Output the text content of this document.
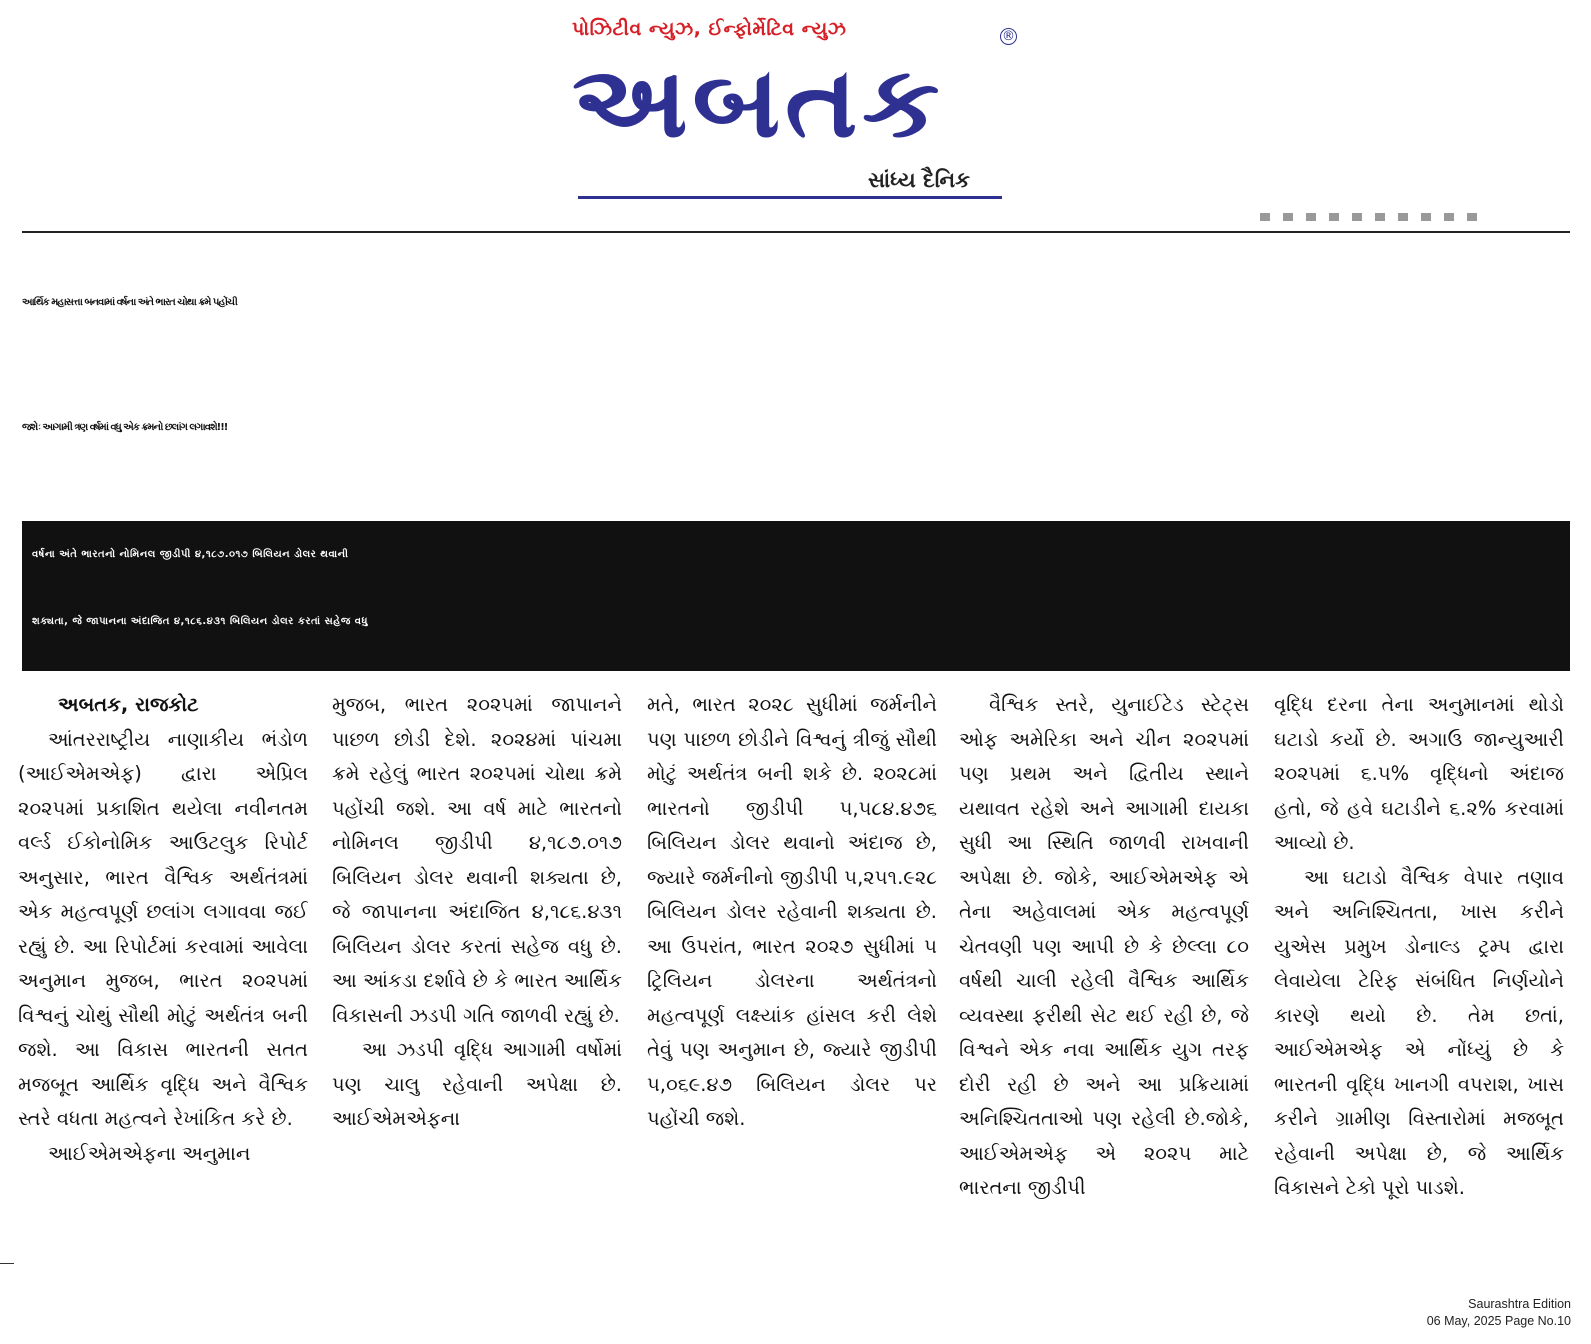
પોઝિટીવ ન્યુઝ, ઈન્ફોર્મેટિવ ન્યુઝ
અબતક
®
સાંધ્ય દૈનિક
આર્થિક મહાસત્તા બનવામાં વર્ષના અંતે ભારત ચોથા ક્રમે પહોંચી
જશેઃ આગામી ત્રણ વર્ષમાં વધુ એક ક્રમનો છલાંગ લગાવશે!!!
વર્ષના અંતે ભારતનો નોમિનલ જીડીપી ૪,૧૮૭.૦૧૭ બિલિયન ડોલર થવાની
શક્યતા, જે જાપાનના અંદાજિત ૪,૧૮૬.૪૩૧ બિલિયન ડોલર કરતાં સહેજ વધુ

અબતક, રાજકોટ

આંતરરાષ્ટ્રીય નાણાકીય ભંડોળ (આઈએમએફ) દ્વારા એપ્રિલ ૨૦૨૫માં પ્રકાશિત થયેલા નવીનતમ વર્લ્ડ ઈકોનોમિક આઉટલુક રિપોર્ટ અનુસાર, ભારત વૈશ્વિક અર્થતંત્રમાં એક મહત્વપૂર્ણ છલાંગ લગાવવા જઈ રહ્યું છે. આ રિપોર્ટમાં કરવામાં આવેલા અનુમાન મુજબ, ભારત ૨૦૨૫માં વિશ્વનું ચોથું સૌથી મોટું અર્થતંત્ર બની જશે. આ વિકાસ ભારતની સતત મજબૂત આર્થિક વૃદ્ધિ અને વૈશ્વિક સ્તરે વધતા મહત્વને રેખાંકિત કરે છે.

આઈએમએફના અનુમાન

મુજબ, ભારત ૨૦૨૫માં જાપાનને પાછળ છોડી દેશે. ૨૦૨૪માં પાંચમા ક્રમે રહેલું ભારત ૨૦૨૫માં ચોથા ક્રમે પહોંચી જશે. આ વર્ષ માટે ભારતનો નોમિનલ જીડીપી ૪,૧૮૭.૦૧૭ બિલિયન ડોલર થવાની શક્યતા છે, જે જાપાનના અંદાજિત ૪,૧૮૬.૪૩૧ બિલિયન ડોલર કરતાં સહેજ વધુ છે. આ આંકડા દર્શાવે છે કે ભારત આર્થિક વિકાસની ઝડપી ગતિ જાળવી રહ્યું છે.

આ ઝડપી વૃદ્ધિ આગામી વર્ષોમાં પણ ચાલુ રહેવાની અપેક્ષા છે. આઈએમએફના

મતે, ભારત ૨૦૨૮ સુધીમાં જર્મનીને પણ પાછળ છોડીને વિશ્વનું ત્રીજું સૌથી મોટું અર્થતંત્ર બની શકે છે. ૨૦૨૮માં ભારતનો જીડીપી ૫,૫૮૪.૪૭૬ બિલિયન ડોલર થવાનો અંદાજ છે, જ્યારે જર્મનીનો જીડીપી ૫,૨૫૧.૯૨૮ બિલિયન ડોલર રહેવાની શક્યતા છે. આ ઉપરાંત, ભારત ૨૦૨૭ સુધીમાં ૫ ટ્રિલિયન ડોલરના અર્થતંત્રનો મહત્વપૂર્ણ લક્ષ્યાંક હાંસલ કરી લેશે તેવું પણ અનુમાન છે, જ્યારે જીડીપી ૫,૦૬૯.૪૭ બિલિયન ડોલર પર પહોંચી જશે.

વૈશ્વિક સ્તરે, યુનાઈટેડ સ્ટેટ્સ ઓફ અમેરિકા અને ચીન ૨૦૨૫માં પણ પ્રથમ અને દ્વિતીય સ્થાને યથાવત રહેશે અને આગામી દાયકા સુધી આ સ્થિતિ જાળવી રાખવાની અપેક્ષા છે. જોકે, આઈએમએફ એ તેના અહેવાલમાં એક મહત્વપૂર્ણ ચેતવણી પણ આપી છે કે છેલ્લા ૮૦ વર્ષથી ચાલી રહેલી વૈશ્વિક આર્થિક વ્યવસ્થા ફરીથી સેટ થઈ રહી છે, જે વિશ્વને એક નવા આર્થિક યુગ તરફ દોરી રહી છે અને આ પ્રક્રિયામાં અનિશ્ચિતતાઓ પણ રહેલી છે.જોકે, આઈએમએફ એ ૨૦૨૫ માટે ભારતના જીડીપી

વૃદ્ધિ દરના તેના અનુમાનમાં થોડો ઘટાડો કર્યો છે. અગાઉ જાન્યુઆરી ૨૦૨૫માં ૬.૫% વૃદ્ધિનો અંદાજ હતો, જે હવે ઘટાડીને ૬.૨% કરવામાં આવ્યો છે.

આ ઘટાડો વૈશ્વિક વેપાર તણાવ અને અનિશ્ચિતતા, ખાસ કરીને યુએસ પ્રમુખ ડોનાલ્ડ ટ્રમ્પ દ્વારા લેવાયેલા ટેરિફ સંબંધિત નિર્ણયોને કારણે થયો છે. તેમ છતાં, આઈએમએફ એ નોંધ્યું છે કે ભારતની વૃદ્ધિ ખાનગી વપરાશ, ખાસ કરીને ગ્રામીણ વિસ્તારોમાં મજબૂત રહેવાની અપેક્ષા છે, જે આર્થિક વિકાસને ટેકો પૂરો પાડશે.

Saurashtra Edition
06 May, 2025 Page No.10
